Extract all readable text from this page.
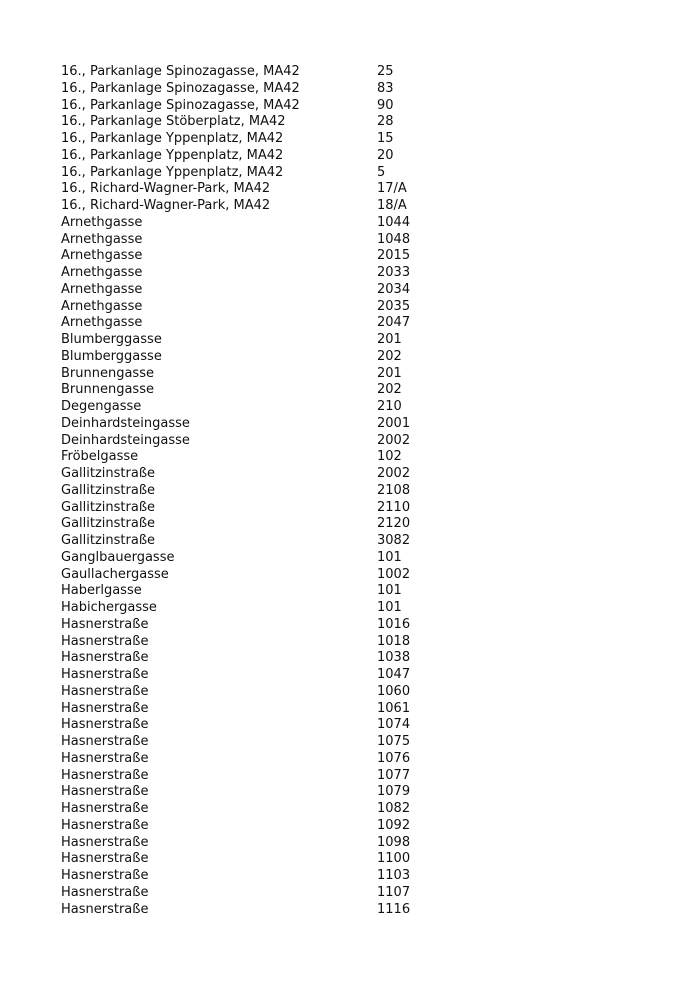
16., Parkanlage Spinozagasse, MA42	25
16., Parkanlage Spinozagasse, MA42	83
16., Parkanlage Spinozagasse, MA42	90
16., Parkanlage Stöberplatz, MA42	28
16., Parkanlage Yppenplatz, MA42	15
16., Parkanlage Yppenplatz, MA42	20
16., Parkanlage Yppenplatz, MA42	5
16., Richard-Wagner-Park, MA42	17/A
16., Richard-Wagner-Park, MA42	18/A
Arnethgasse	1044
Arnethgasse	1048
Arnethgasse	2015
Arnethgasse	2033
Arnethgasse	2034
Arnethgasse	2035
Arnethgasse	2047
Blumberggasse	201
Blumberggasse	202
Brunnengasse	201
Brunnengasse	202
Degengasse	210
Deinhardsteingasse	2001
Deinhardsteingasse	2002
Fröbelgasse	102
Gallitzinstraße	2002
Gallitzinstraße	2108
Gallitzinstraße	2110
Gallitzinstraße	2120
Gallitzinstraße	3082
Ganglbauergasse	101
Gaullachergasse	1002
Haberlgasse	101
Habichergasse	101
Hasnerstraße	1016
Hasnerstraße	1018
Hasnerstraße	1038
Hasnerstraße	1047
Hasnerstraße	1060
Hasnerstraße	1061
Hasnerstraße	1074
Hasnerstraße	1075
Hasnerstraße	1076
Hasnerstraße	1077
Hasnerstraße	1079
Hasnerstraße	1082
Hasnerstraße	1092
Hasnerstraße	1098
Hasnerstraße	1100
Hasnerstraße	1103
Hasnerstraße	1107
Hasnerstraße	1116
